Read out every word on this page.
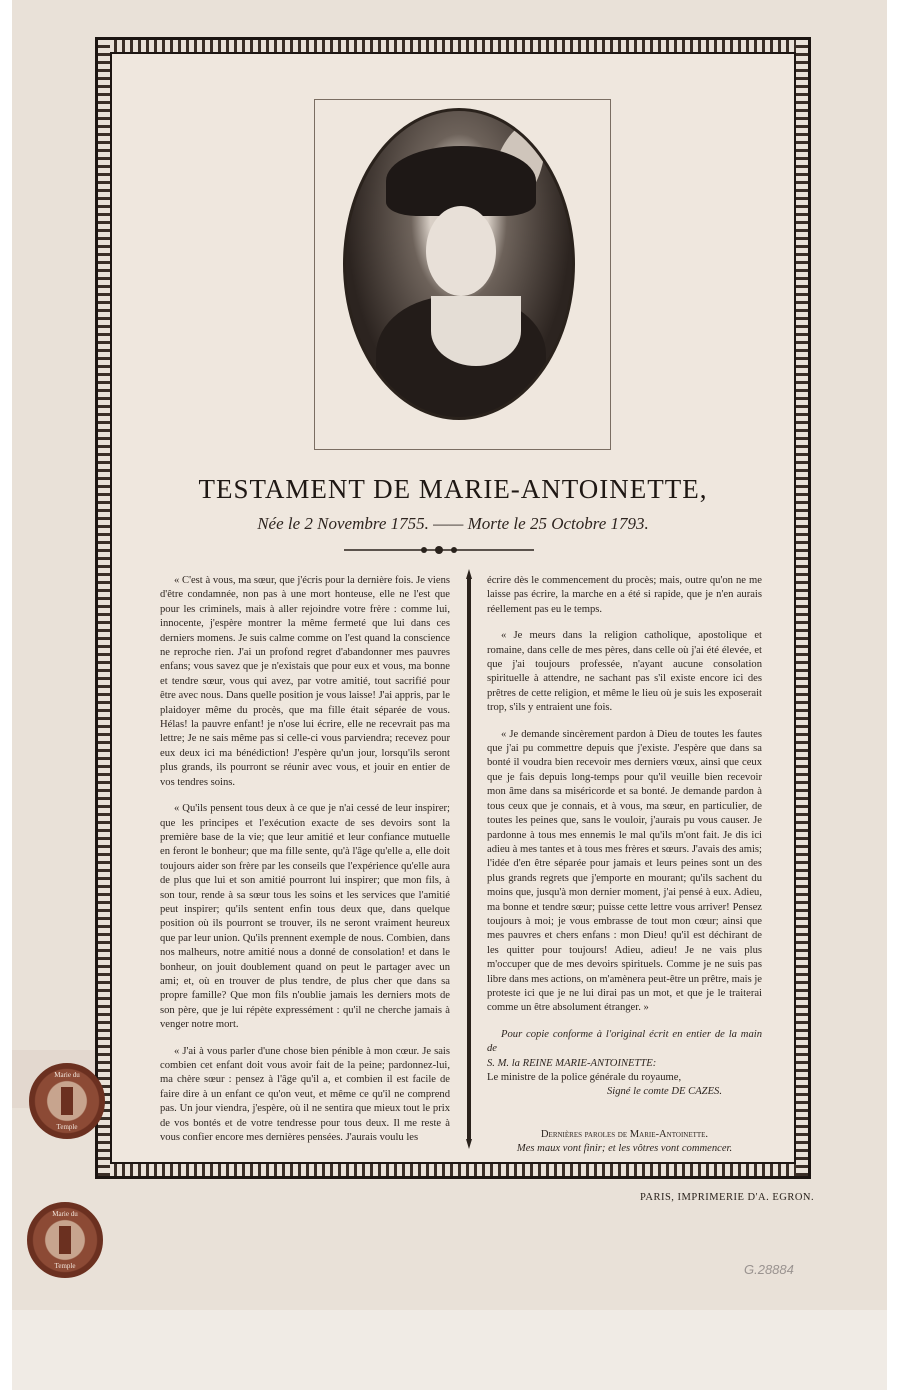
TESTAMENT DE MARIE-ANTOINETTE,
Née le 2 Novembre 1755. —— Morte le 25 Octobre 1793.

« C'est à vous, ma sœur, que j'écris pour la dernière fois. Je viens d'être condamnée, non pas à une mort honteuse, elle ne l'est que pour les criminels, mais à aller rejoindre votre frère : comme lui, innocente, j'espère montrer la même fermeté que lui dans ces derniers momens. Je suis calme comme on l'est quand la conscience ne reproche rien. J'ai un profond regret d'abandonner mes pauvres enfans; vous savez que je n'existais que pour eux et vous, ma bonne et tendre sœur, vous qui avez, par votre amitié, tout sacrifié pour être avec nous. Dans quelle position je vous laisse! J'ai appris, par le plaidoyer même du procès, que ma fille était séparée de vous. Hélas! la pauvre enfant! je n'ose lui écrire, elle ne recevrait pas ma lettre; Je ne sais même pas si celle-ci vous parviendra; recevez pour eux deux ici ma bénédiction! J'espère qu'un jour, lorsqu'ils seront plus grands, ils pourront se réunir avec vous, et jouir en entier de vos tendres soins.

« Qu'ils pensent tous deux à ce que je n'ai cessé de leur inspirer; que les principes et l'exécution exacte de ses devoirs sont la première base de la vie; que leur amitié et leur confiance mutuelle en feront le bonheur; que ma fille sente, qu'à l'âge qu'elle a, elle doit toujours aider son frère par les conseils que l'expérience qu'elle aura de plus que lui et son amitié pourront lui inspirer; que mon fils, à son tour, rende à sa sœur tous les soins et les services que l'amitié peut inspirer; qu'ils sentent enfin tous deux que, dans quelque position où ils pourront se trouver, ils ne seront vraiment heureux que par leur union. Qu'ils prennent exemple de nous. Combien, dans nos malheurs, notre amitié nous a donné de consolation! et dans le bonheur, on jouit doublement quand on peut le partager avec un ami; et, où en trouver de plus tendre, de plus cher que dans sa propre famille? Que mon fils n'oublie jamais les derniers mots de son père, que je lui répète expressément : qu'il ne cherche jamais à venger notre mort.

« J'ai à vous parler d'une chose bien pénible à mon cœur. Je sais combien cet enfant doit vous avoir fait de la peine; pardonnez-lui, ma chère sœur : pensez à l'âge qu'il a, et combien il est facile de faire dire à un enfant ce qu'on veut, et même ce qu'il ne comprend pas. Un jour viendra, j'espère, où il ne sentira que mieux tout le prix de vos bontés et de votre tendresse pour tous deux. Il me reste à vous confier encore mes dernières pensées. J'aurais voulu les

écrire dès le commencement du procès; mais, outre qu'on ne me laisse pas écrire, la marche en a été si rapide, que je n'en aurais réellement pas eu le temps.

« Je meurs dans la religion catholique, apostolique et romaine, dans celle de mes pères, dans celle où j'ai été élevée, et que j'ai toujours professée, n'ayant aucune consolation spirituelle à attendre, ne sachant pas s'il existe encore ici des prêtres de cette religion, et même le lieu où je suis les exposerait trop, s'ils y entraient une fois.

« Je demande sincèrement pardon à Dieu de toutes les fautes que j'ai pu commettre depuis que j'existe. J'espère que dans sa bonté il voudra bien recevoir mes derniers vœux, ainsi que ceux que je fais depuis long-temps pour qu'il veuille bien recevoir mon âme dans sa miséricorde et sa bonté. Je demande pardon à tous ceux que je connais, et à vous, ma sœur, en particulier, de toutes les peines que, sans le vouloir, j'aurais pu vous causer. Je pardonne à tous mes ennemis le mal qu'ils m'ont fait. Je dis ici adieu à mes tantes et à tous mes frères et sœurs. J'avais des amis; l'idée d'en être séparée pour jamais et leurs peines sont un des plus grands regrets que j'emporte en mourant; qu'ils sachent du moins que, jusqu'à mon dernier moment, j'ai pensé à eux. Adieu, ma bonne et tendre sœur; puisse cette lettre vous arriver! Pensez toujours à moi; je vous embrasse de tout mon cœur; ainsi que mes pauvres et chers enfans : mon Dieu! qu'il est déchirant de les quitter pour toujours! Adieu, adieu! Je ne vais plus m'occuper que de mes devoirs spirituels. Comme je ne suis pas libre dans mes actions, on m'amènera peut-être un prêtre, mais je proteste ici que je ne lui dirai pas un mot, et que je le traiterai comme un être absolument étranger. »

Pour copie conforme à l'original écrit en entier de la main de

S. M. la REINE MARIE-ANTOINETTE:

Le ministre de la police générale du royaume,

Signé le comte DE CAZES.

Dernières paroles de Marie-Antoinette.

Mes maux vont finir; et les vôtres vont commencer.

PARIS, IMPRIMERIE D'A. EGRON.
Marie du
Temple
Marie du
Temple	G.28884
